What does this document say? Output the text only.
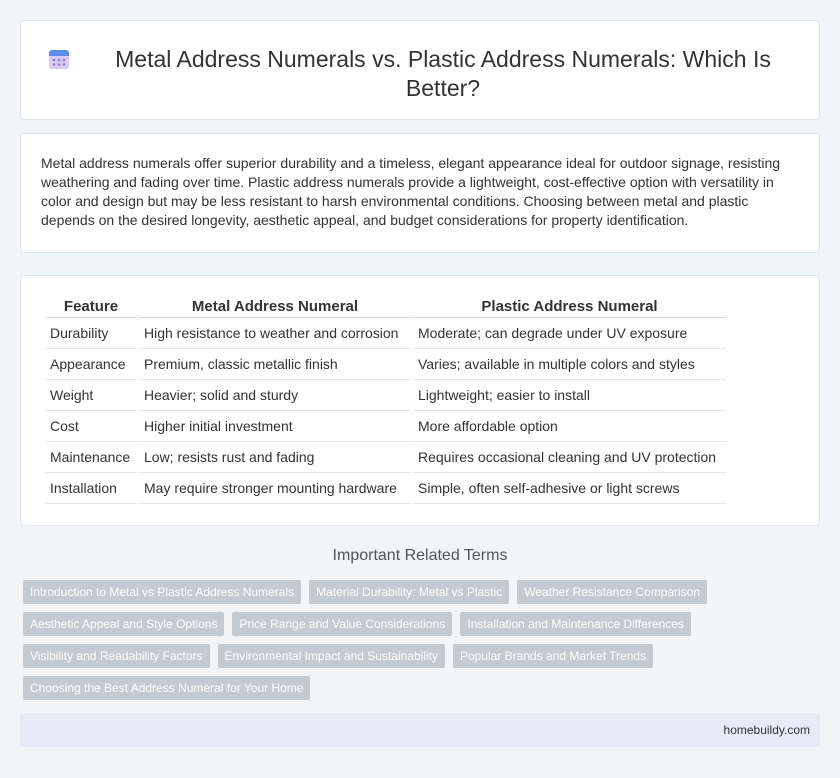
Metal Address Numerals vs. Plastic Address Numerals: Which Is Better?

Metal address numerals offer superior durability and a timeless, elegant appearance ideal for outdoor signage, resisting weathering and fading over time. Plastic address numerals provide a lightweight, cost-effective option with versatility in color and design but may be less resistant to harsh environmental conditions. Choosing between metal and plastic depends on the desired longevity, aesthetic appeal, and budget considerations for property identification.

Feature	Metal Address Numeral	Plastic Address Numeral
Durability	High resistance to weather and corrosion	Moderate; can degrade under UV exposure
Appearance	Premium, classic metallic finish	Varies; available in multiple colors and styles
Weight	Heavier; solid and sturdy	Lightweight; easier to install
Cost	Higher initial investment	More affordable option
Maintenance	Low; resists rust and fading	Requires occasional cleaning and UV protection
Installation	May require stronger mounting hardware	Simple, often self-adhesive or light screws
Important Related Terms
Introduction to Metal vs Plastic Address Numerals	Material Durability: Metal vs Plastic	Weather Resistance Comparison
Aesthetic Appeal and Style Options	Price Range and Value Considerations	Installation and Maintenance Differences
Visibility and Readability Factors	Environmental Impact and Sustainability	Popular Brands and Market Trends
Choosing the Best Address Numeral for Your Home
homebuildy.com
